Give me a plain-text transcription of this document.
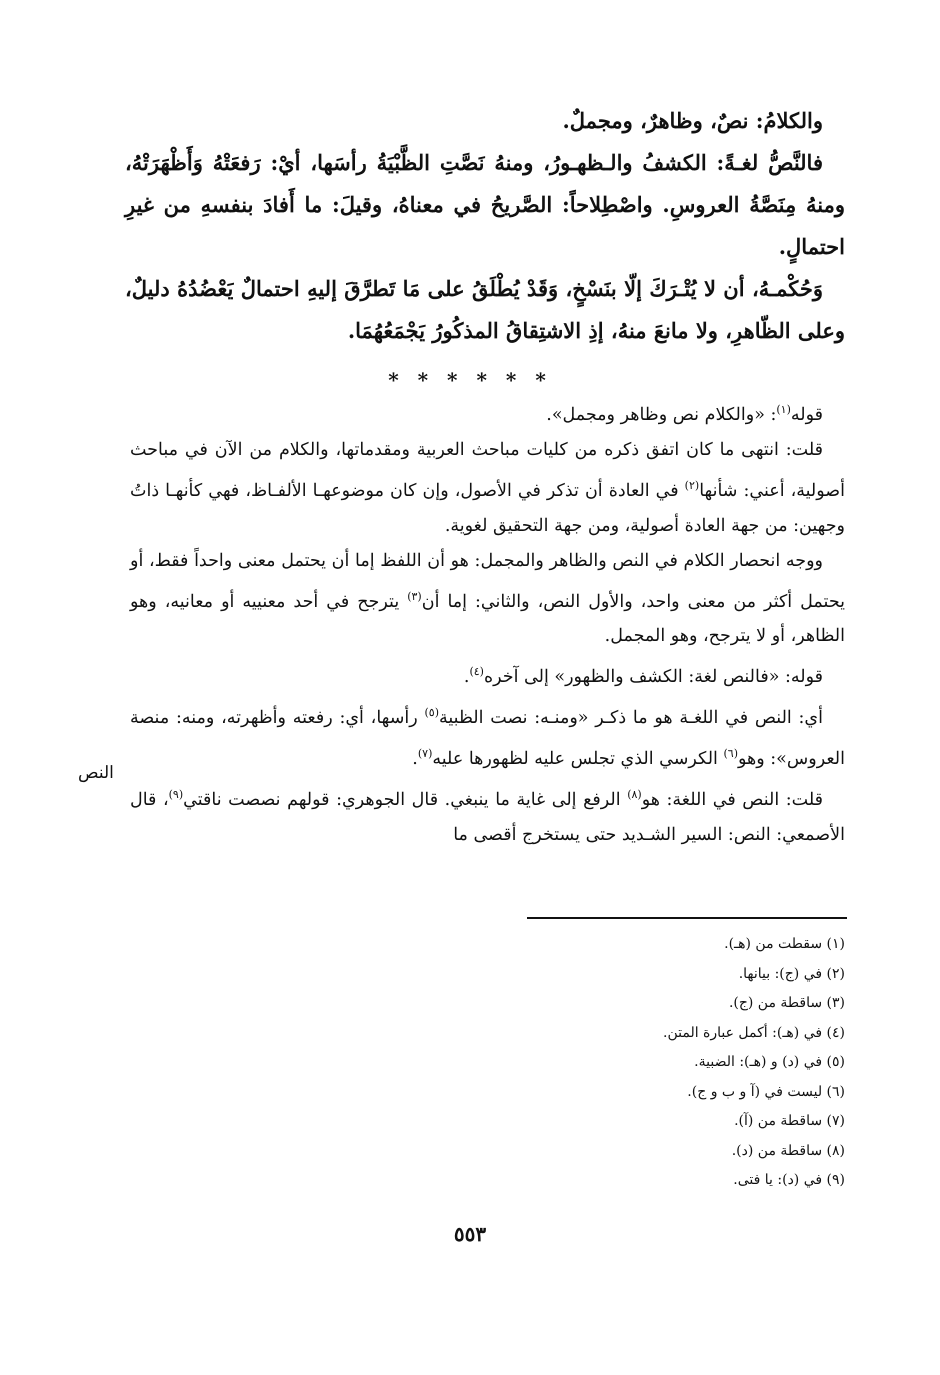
والكلامُ: نصٌ، وظاهرٌ، ومجملٌ.
فالنَّصُّ لغـةً: الكشفُ والـظهـورُ، ومنهُ نَصَّتِ الظَّبْيَةُ رأسَها، أيْ: رَفعَتْهُ وَأَظْهَرَتْهُ، ومنهُ مِنَصَّةُ العروسِ. واصْطِلاحاً: الصَّريحُ في معناهُ، وقيلَ: ما أَفادَ بنفسهِ من غيرِ احتمالٍ.
وَحُكْمـهُ، أن لا يُتْـرَكَ إلّا بنَسْخٍ، وَقَدْ يُطْلَقُ على مَا تَطرَّقَ إليهِ احتمالٌ يَعْضُدُهُ دليلٌ، وعلى الظّاهرِ، ولا مانعَ منهُ، إذِ الاشتِقاقُ المذكُورُ يَجْمَعُهُمَا.
* * * * * *
قوله$^{(١)}$: «والكلام نص وظاهر ومجمل».
قلت: انتهى ما كان اتفق ذكره من كليات مباحث العربية ومقدماتها، والكلام من الآن في مباحث أصولية، أعني: شأنها$^{(٢)}$ في العادة أن تذكر في الأصول، وإن كان موضوعهـا الألفـاظ، فهي كأنهـا ذاتُ وجهين: من جهة العادة أصولية، ومن جهة التحقيق لغوية.
ووجه انحصار الكلام في النص والظاهر والمجمل: هو أن اللفظ إما أن يحتمل معنى واحداً فقط، أو يحتمل أكثر من معنى واحد، والأول النص، والثاني: إما أن$^{(٣)}$ يترجح في أحد معنييه أو معانيه، وهو الظاهر، أو لا يترجح، وهو المجمل.
قوله: «فالنص لغة: الكشف والظهور» إلى آخره$^{(٤)}$.
أي: النص في اللغـة هو ما ذكـر «ومنـه: نصت الظبية$^{(٥)}$ رأسها، أي: رفعته وأظهرته، ومنه: منصة العروس»: وهو$^{(٦)}$ الكرسي الذي تجلس عليه لظهورها عليه$^{(٧)}$.
قلت: النص في اللغة: هو$^{(٨)}$ الرفع إلى غاية ما ينبغي. قال الجوهري: قولهم نصصت ناقتي$^{(٩)}$، قال الأصمعي: النص: السير الشـديد حتى يستخرج أقصى ما
النص
(١) سقطت من (هـ).
(٢) في (ج): بيانها.
(٣) ساقطة من (ج).
(٤) في (هـ): أكمل عبارة المتن.
(٥) في (د) و (هـ): الضبية.
(٦) ليست في (آ و ب و ج).
(٧) ساقطة من (آ).
(٨) ساقطة من (د).
(٩) في (د): يا فتى.
٥٥٣
